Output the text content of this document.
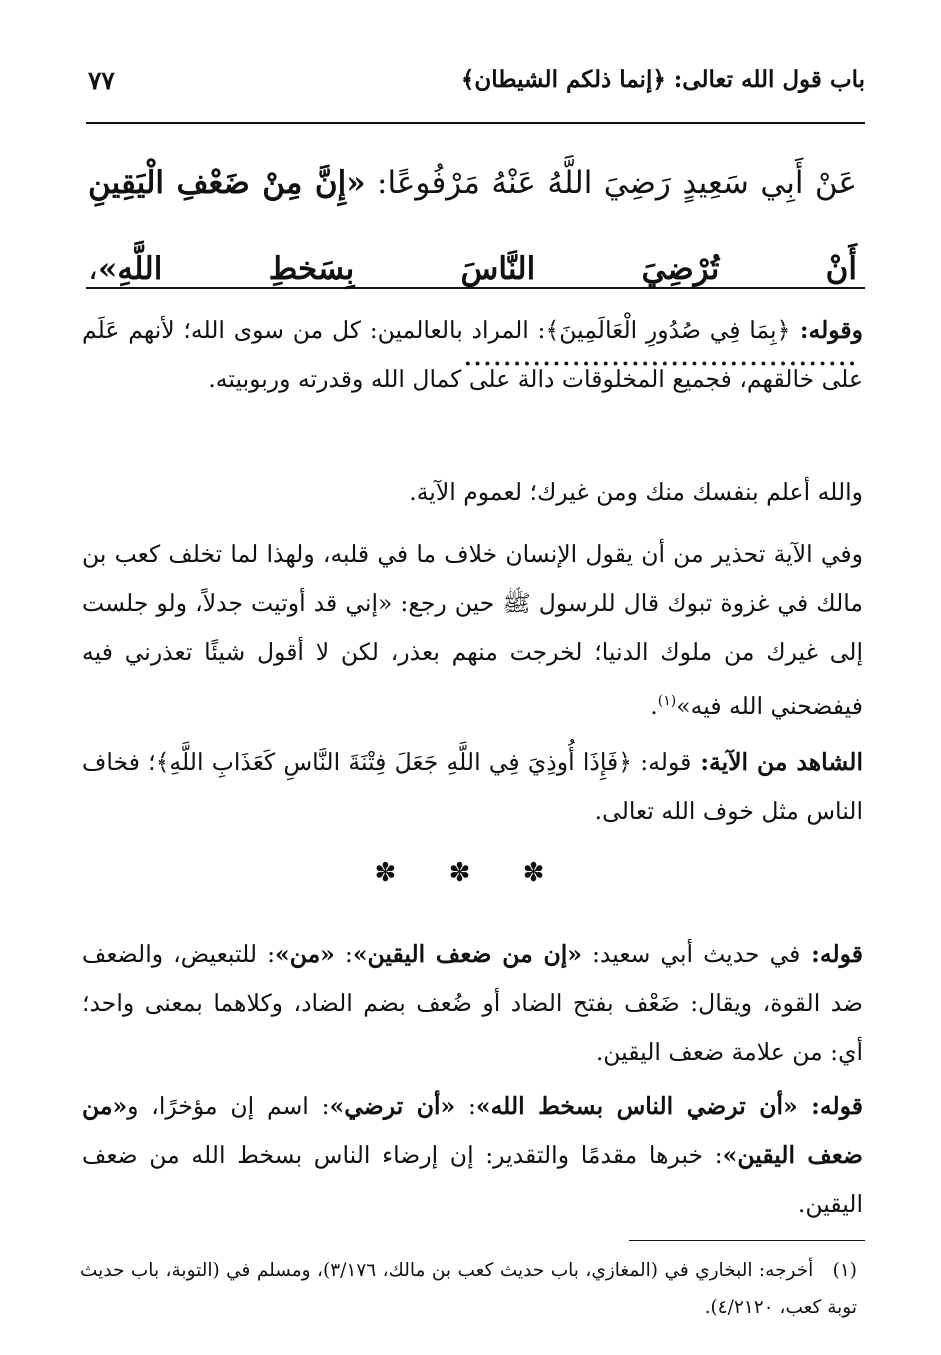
باب قول الله تعالى: ﴿إنما ذلكم الشيطان﴾
٧٧
عَنْ أَبِي سَعِيدٍ رَضِيَ اللَّهُ عَنْهُ مَرْفُوعًا: «إِنَّ مِنْ ضَعْفِ الْيَقِينِ أَنْ تُرْضِيَ النَّاسَ بِسَخطِ اللَّهِ»، ........................................

وقوله: ﴿بِمَا فِي صُدُورِ الْعَالَمِينَ﴾: المراد بالعالمين: كل من سوى الله؛ لأنهم عَلَم على خالقهم، فجميع المخلوقات دالة على كمال الله وقدرته وربوبيته.

والله أعلم بنفسك منك ومن غيرك؛ لعموم الآية.

وفي الآية تحذير من أن يقول الإنسان خلاف ما في قلبه، ولهذا لما تخلف كعب بن مالك في غزوة تبوك قال للرسول ﷺ حين رجع: «إني قد أوتيت جدلاً، ولو جلست إلى غيرك من ملوك الدنيا؛ لخرجت منهم بعذر، لكن لا أقول شيئًا تعذرني فيه فيفضحني الله فيه»$^{(١)}$.

الشاهد من الآية: قوله: ﴿فَإِذَا أُوذِيَ فِي اللَّهِ جَعَلَ فِتْنَةَ النَّاسِ كَعَذَابِ اللَّهِ﴾؛ فخاف الناس مثل خوف الله تعالى.

✽ ✽ ✽

قوله: في حديث أبي سعيد: «إن من ضعف اليقين»: «من»: للتبعيض، والضعف ضد القوة، ويقال: ضَعْف بفتح الضاد أو ضُعف بضم الضاد، وكلاهما بمعنى واحد؛ أي: من علامة ضعف اليقين.

قوله: «أن ترضي الناس بسخط الله»: «أن ترضي»: اسم إن مؤخرًا، و«من ضعف اليقين»: خبرها مقدمًا والتقدير: إن إرضاء الناس بسخط الله من ضعف اليقين.

(١)   أخرجه: البخاري في (المغازي، باب حديث كعب بن مالك، ٣/١٧٦)، ومسلم في (التوبة، باب حديث توبة كعب، ٤/٢١٢٠).
